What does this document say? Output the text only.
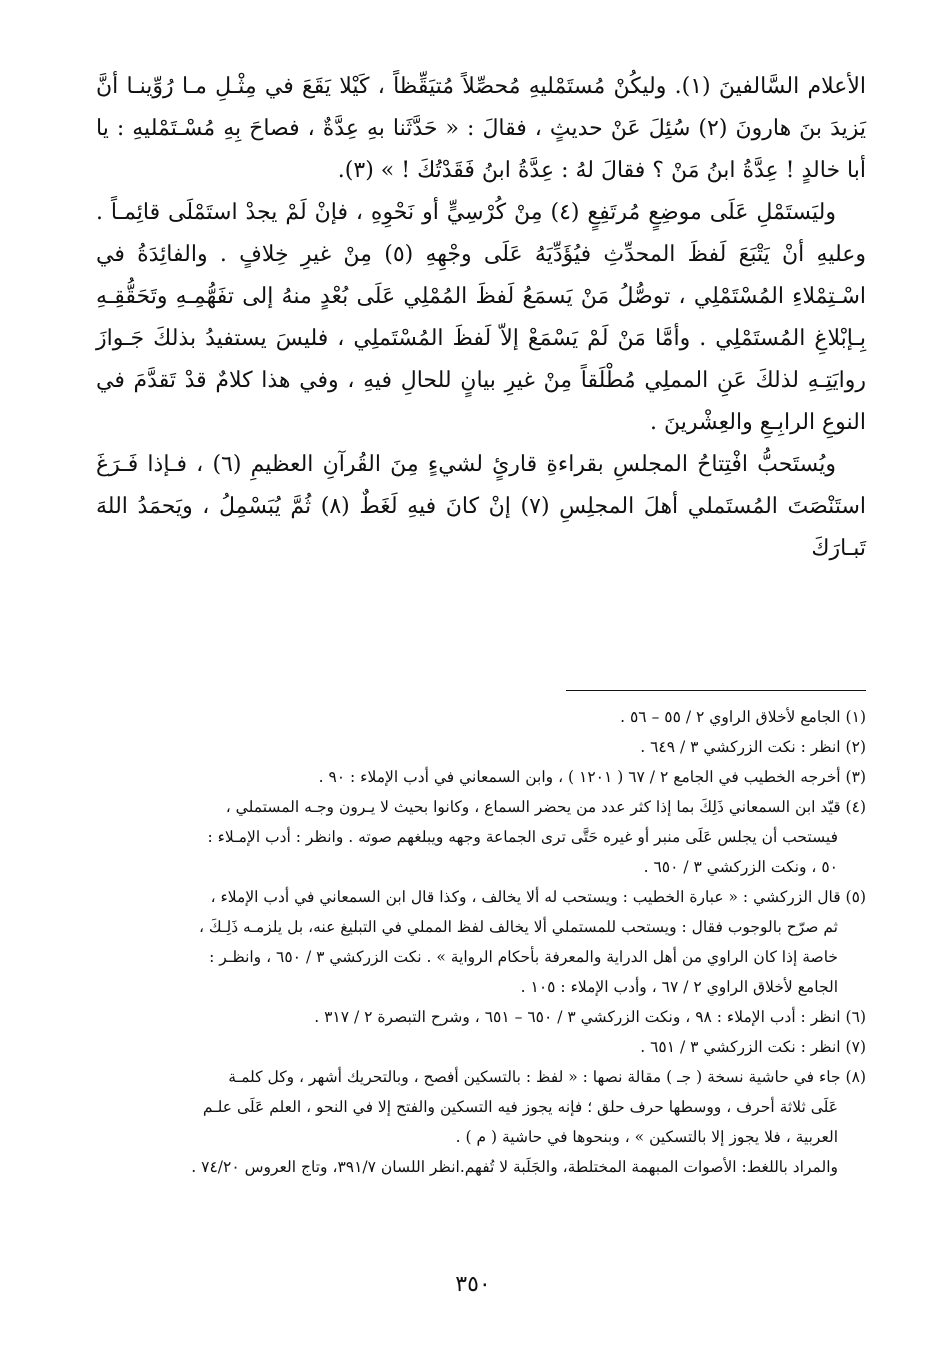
الأعلام السَّالفينَ (١). وليكُنْ مُستَمْليهِ مُحصِّلاً مُتيَقِّظاً ، كَيْلا يَقَعَ في مِثْـلِ مـا رُوِّينـا أنَّ يَزيدَ بنَ هارونَ (٢) سُئِلَ عَنْ حديثٍ ، فقالَ : « حَدَّثَنا بهِ عِدَّةٌ ، فصاحَ بِهِ مُسْـتَمْليهِ : يا أبا خالدٍ ! عِدَّةُ ابنُ مَنْ ؟ فقالَ لهُ : عِدَّةُ ابنُ فَقَدْتُكَ ! » (٣).

وليَستَمْلِ عَلَى موضِعٍ مُرتَفِعٍ (٤) مِنْ كُرْسِيٍّ أو نَحْوِهِ ، فإنْ لَمْ يجدْ استَمْلَى قائِمـاً . وعليهِ أنْ يَتْبَعَ لَفظَ المحدِّثِ فيُؤَدِّيَهُ عَلَى وجْهِهِ (٥) مِنْ غيرِ خِلافٍ . والفائِدَةُ في اسْـتِمْلاءِ المُسْتَمْلِي ، توصُّلُ مَنْ يَسمَعُ لَفظَ المُمْلِي عَلَى بُعْدٍ منهُ إلى تفَهُّمِـهِ وتَحَقُّقِـهِ بِـإبْلاغِ المُستَمْلِي . وأمَّا مَنْ لَمْ يَسْمَعْ إلاّ لَفظَ المُسْتَملِي ، فليسَ يستفيدُ بذلكَ جَـوازَ روايَتِـهِ لذلكَ عَنِ المملِي مُطْلَقاً مِنْ غيرِ بيانٍ للحالِ فيهِ ، وفي هذا كلامٌ قدْ تَقدَّمَ في النوعِ الرابِـعِ والعِشْرينَ .

ويُستَحبُّ افْتِتاحُ المجلسِ بقراءةِ قارئٍ لشيءٍ مِنَ القُرآنِ العظيمِ (٦) ، فـإذا فَـرَغَ استَنْصَتَ المُستَملي أهلَ المجلِسِ (٧) إنْ كانَ فيهِ لَغَطٌ (٨) ثُمَّ يُبَسْمِلُ ، ويَحمَدُ اللهَ تَبـارَكَ

(١) الجامع لأخلاق الراوي ٢ / ٥٥ – ٥٦ .
(٢) انظر : نكت الزركشي ٣ / ٦٤٩ .
(٣) أخرجه الخطيب في الجامع ٢ / ٦٧ ( ١٢٠١ ) ، وابن السمعاني في أدب الإملاء : ٩٠ .
(٤) قيّد ابن السمعاني ذَلِكَ بما إذا كثر عدد من يحضر السماع ، وكانوا بحيث لا يـرون وجـه المستملي ،
فيستحب أن يجلس عَلَى منبر أو غيره حَتَّى ترى الجماعة وجهه ويبلغهم صوته . وانظر : أدب الإمـلاء :
٥٠ ، ونكت الزركشي ٣ / ٦٥٠ .
(٥) قال الزركشي : « عبارة الخطيب : ويستحب له ألا يخالف ، وكذا قال ابن السمعاني في أدب الإملاء ،
ثم صرّح بالوجوب فقال : ويستحب للمستملي ألا يخالف لفظ المملي في التبليغ عنه، بل يلزمـه ذَلِـكَ ،
خاصة إذا كان الراوي من أهل الدراية والمعرفة بأحكام الرواية » . نكت الزركشي ٣ / ٦٥٠ ، وانظـر :
الجامع لأخلاق الراوي ٢ / ٦٧ ، وأدب الإملاء : ١٠٥ .
(٦) انظر : أدب الإملاء : ٩٨ ، ونكت الزركشي ٣ / ٦٥٠ – ٦٥١ ، وشرح التبصرة ٢ / ٣١٧ .
(٧) انظر : نكت الزركشي ٣ / ٦٥١ .
(٨) جاء في حاشية نسخة ( جـ ) مقالة نصها : « لفظ : بالتسكين أفصح ، وبالتحريك أشهر ، وكل كلمـة
عَلَى ثلاثة أحرف ، ووسطها حرف حلق ؛ فإنه يجوز فيه التسكين والفتح إلا في النحو ، العلم عَلَى علـم
العربية ، فلا يجوز إلا بالتسكين » ، وبنحوها في حاشية ( م ) .
والمراد باللغط: الأصوات المبهمة المختلطة، والجَلَبة لا تُفهم.انظر اللسان ٣٩١/٧، وتاج العروس ٧٤/٢٠ .
٣٥٠
